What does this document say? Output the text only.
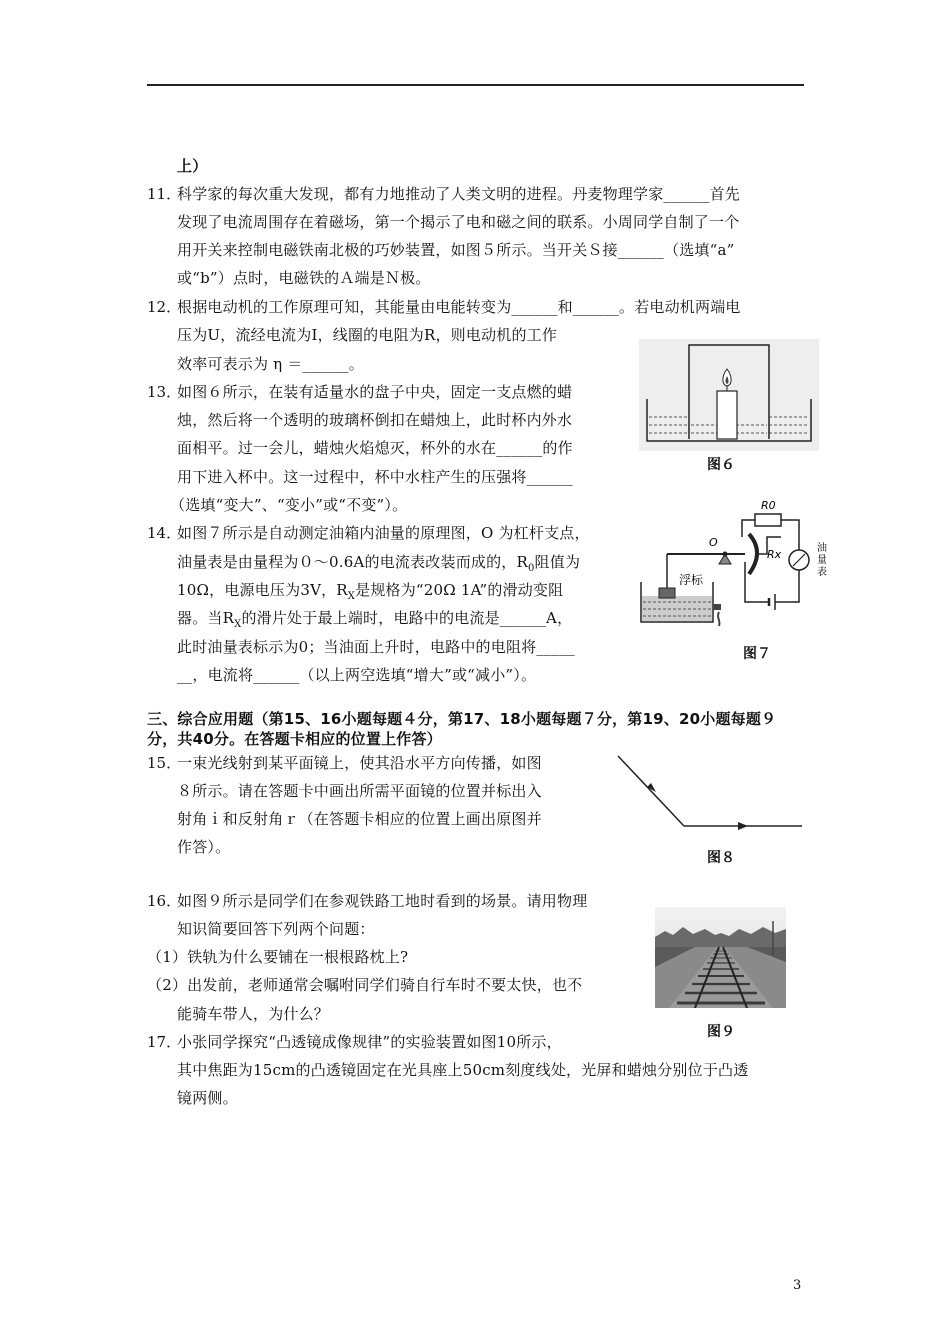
上）
11．
科学家的每次重大发现，都有力地推动了人类文明的进程。丹麦物理学家______首先
发现了电流周围存在着磁场，第一个揭示了电和磁之间的联系。小周同学自制了一个
用开关来控制电磁铁南北极的巧妙装置，如图５所示。当开关Ｓ接______（选填“a”
或“b”）点时，电磁铁的Ａ端是Ｎ极。
12．
根据电动机的工作原理可知，其能量由电能转变为______和______。若电动机两端电
压为U，流经电流为I，线圈的电阻为R，则电动机的工作
效率可表示为 η ＝______。
13．
如图６所示，在装有适量水的盘子中央，固定一支点燃的蜡
烛，然后将一个透明的玻璃杯倒扣在蜡烛上，此时杯内外水
面相平。过一会儿，蜡烛火焰熄灭，杯外的水在______的作
用下进入杯中。这一过程中，杯中水柱产生的压强将______
（选填“变大”、“变小”或“不变”）。
14．
如图７所示是自动测定油箱内油量的原理图，O 为杠杆支点，
油量表是由量程为０～0.6A的电流表改装而成的，$R_0$阻值为
10Ω，电源电压为3V，$R_X$是规格为“20Ω 1A”的滑动变阻
器。当$R_X$的滑片处于最上端时，电路中的电流是______A，
此时油量表标示为0；当油面上升时，电路中的电阻将_____
__，电流将______（以上两空选填“增大”或“减小”）。
三、综合应用题（第15、16小题每题４分，第17、18小题每题７分，第19、20小题每题９
分，共40分。在答题卡相应的位置上作答）
15．
一束光线射到某平面镜上，使其沿水平方向传播，如图
８所示。请在答题卡中画出所需平面镜的位置并标出入
射角ｉ和反射角ｒ（在答题卡相应的位置上画出原图并
作答）。
16．
如图９所示是同学们在参观铁路工地时看到的场景。请用物理
知识简要回答下列两个问题：
（1）铁轨为什么要铺在一根根路枕上?
（2）出发前，老师通常会嘱咐同学们骑自行车时不要太快，也不
能骑车带人，为什么？
17．
小张同学探究“凸透镜成像规律”的实验装置如图10所示，
其中焦距为15cm的凸透镜固定在光具座上50cm刻度线处，光屏和蜡烛分别位于凸透
镜两侧。
图６
R0
Rx
O
浮标
油
量
表
图７
图８
图９
3
